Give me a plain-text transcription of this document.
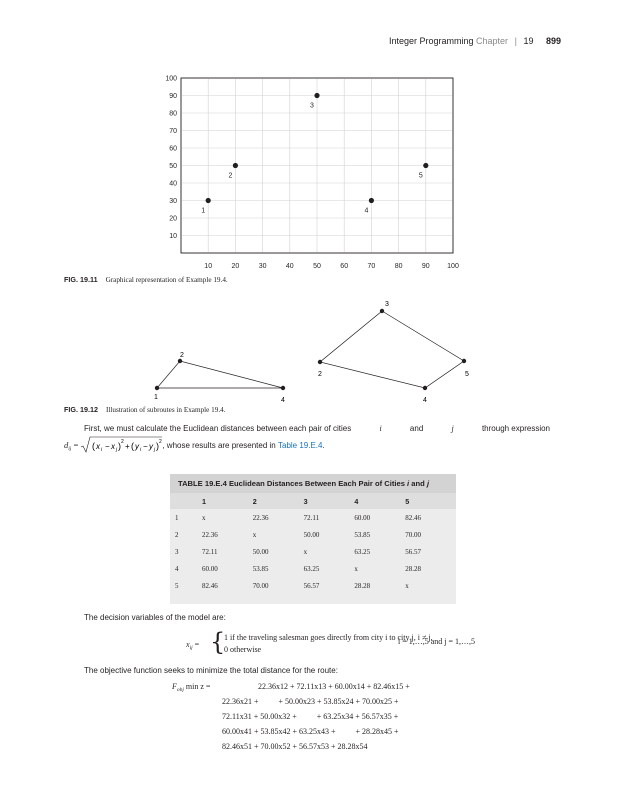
Integer Programming Chapter | 19 899
10	20	30	40	50	60	70	80	90 100
10
20
30
40
50
60
70
80
90
100
1
2
3
4
5
FIG. 19.11 Graphical representation of Example 19.4.
1
2
4
3
5
4
2
FIG. 19.12 Illustration of subroutes in Example 19.4.
First, we must calculate the Euclidean distances between each pair of cities	i	and	j	through expression
$d_{ij}$ = ( x i − x j ) 2 + ( y i − y j ) 2 , whose results are presented in
Table 19.E.4 .
TABLE 19.E.4 Euclidean Distances Between Each Pair of Cities i and j
	1	2	3	4	5
1	x	22.36	72.11	60.00	82.46
2	22.36	x	50.00	53.85	70.00
3	72.11	50.00	x	63.25	56.57
4	60.00	53.85	63.25	x	28.28
5	82.46	70.00	56.57	28.28	x
The decision variables of the model are:
$x_{ij}$ = {
1 if the traveling salesman goes directly from city i to city j, i ≠ j,
0 otherwise
i = 1,…,5 and j = 1,…,5
The objective function seeks to minimize the total distance for the route:
$F_{obj}$ min z =	22.36x12 + 72.11x13 + 60.00x14 + 82.46x15 +
22.36x21 +          + 50.00x23 + 53.85x24 + 70.00x25 +
72.11x31 + 50.00x32 +          + 63.25x34 + 56.57x35 +
60.00x41 + 53.85x42 + 63.25x43 +          + 28.28x45 +
82.46x51 + 70.00x52 + 56.57x53 + 28.28x54
